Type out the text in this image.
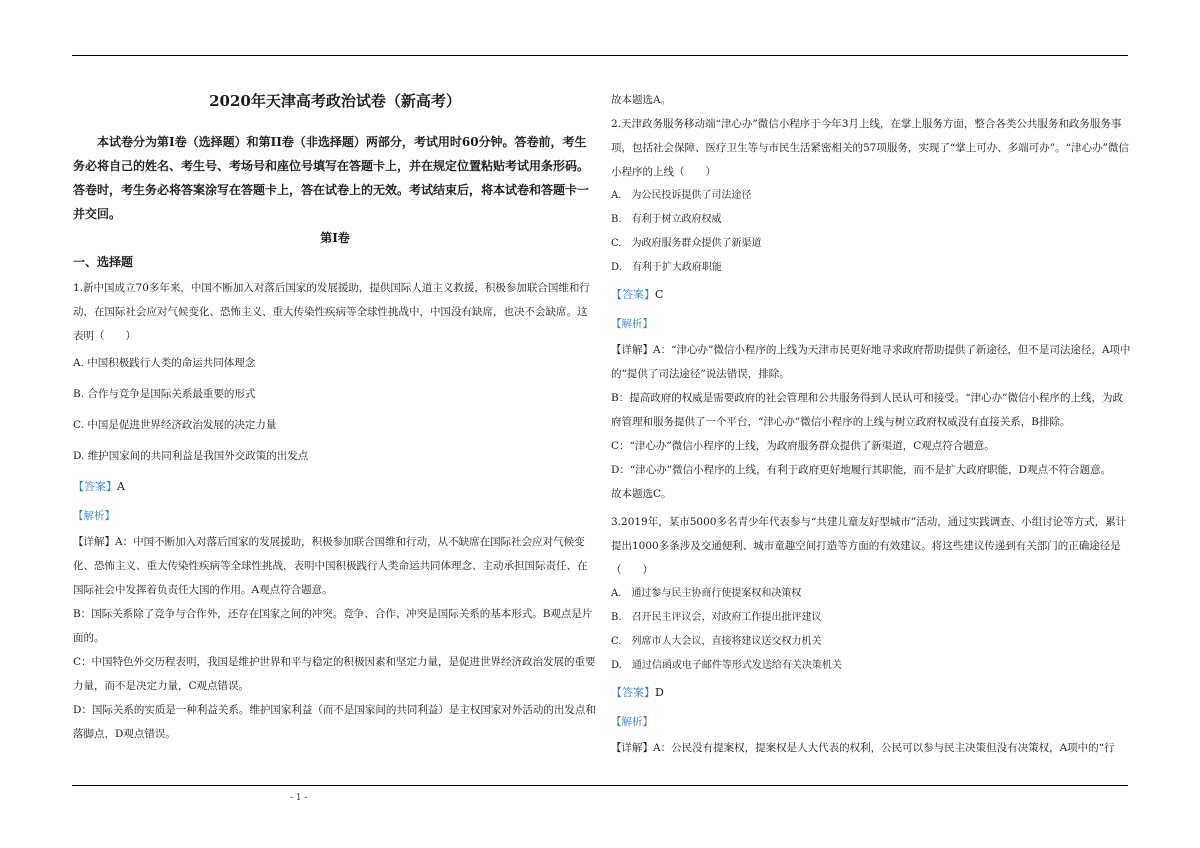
2020年天津高考政治试卷（新高考）

本试卷分为第Ⅰ卷（选择题）和第II卷（非选择题）两部分，考试用时60分钟。答卷前，考生务必将自己的姓名、考生号、考场号和座位号填写在答题卡上，并在规定位置粘贴考试用条形码。答卷时，考生务必将答案涂写在答题卡上，答在试卷上的无效。考试结束后，将本试卷和答题卡一并交回。

第Ⅰ卷

一、选择题

1.新中国成立70多年来，中国不断加入对落后国家的发展援助，提供国际人道主义救援，积极参加联合国维和行动，在国际社会应对气候变化、恐怖主义、重大传染性疾病等全球性挑战中，中国没有缺席，也决不会缺席。这表明（　　）

A. 中国积极践行人类的命运共同体理念

B. 合作与竞争是国际关系最重要的形式

C. 中国是促进世界经济政治发展的决定力量

D. 维护国家间的共同利益是我国外交政策的出发点

【答案】A

【解析】

【详解】A：中国不断加入对落后国家的发展援助，积极参加联合国维和行动，从不缺席在国际社会应对气候变化、恐怖主义、重大传染性疾病等全球性挑战，表明中国积极践行人类命运共同体理念、主动承担国际责任、在国际社会中发挥着负责任大国的作用。A观点符合题意。

B：国际关系除了竞争与合作外，还存在国家之间的冲突。竞争、合作、冲突是国际关系的基本形式。B观点是片面的。

C：中国特色外交历程表明，我国是维护世界和平与稳定的积极因素和坚定力量，是促进世界经济政治发展的重要力量，而不是决定力量，C观点错误。

D：国际关系的实质是一种利益关系。维护国家利益（而不是国家间的共同利益）是主权国家对外活动的出发点和落脚点，D观点错误。

故本题选A。

2.天津政务服务移动端“津心办”微信小程序于今年3月上线，在掌上服务方面，整合各类公共服务和政务服务事项，包括社会保障、医疗卫生等与市民生活紧密相关的57项服务，实现了“掌上可办、多端可办”。“津心办”微信小程序的上线（　　）

A.　为公民投诉提供了司法途径

B.　有利于树立政府权威

C.　为政府服务群众提供了新渠道

D.　有利于扩大政府职能

【答案】C

【解析】

【详解】A：“津心办”微信小程序的上线为天津市民更好地寻求政府帮助提供了新途径，但不是司法途径，A项中的“提供了司法途径”说法错误，排除。

B：提高政府的权威是需要政府的社会管理和公共服务得到人民认可和接受。“津心办”微信小程序的上线，为政府管理和服务提供了一个平台，“津心办”微信小程序的上线与树立政府权威没有直接关系，B排除。

C：“津心办”微信小程序的上线，为政府服务群众提供了新渠道，C观点符合题意。

D：“津心办”微信小程序的上线，有利于政府更好地履行其职能，而不是扩大政府职能，D观点不符合题意。

故本题选C。

3.2019年，某市5000多名青少年代表参与“共建儿童友好型城市”活动，通过实践调查、小组讨论等方式，累计提出1000多条涉及交通便利、城市童趣空间打造等方面的有效建议。将这些建议传递到有关部门的正确途径是（　　）

A.　通过参与民主协商行使提案权和决策权

B.　召开民主评议会，对政府工作提出批评建议

C.　列席市人大会议，直接将建议送交权力机关

D.　通过信函或电子邮件等形式发送给有关决策机关

【答案】D

【解析】

【详解】A：公民没有提案权，提案权是人大代表的权利，公民可以参与民主决策但没有决策权，A项中的“行

- 1 -
